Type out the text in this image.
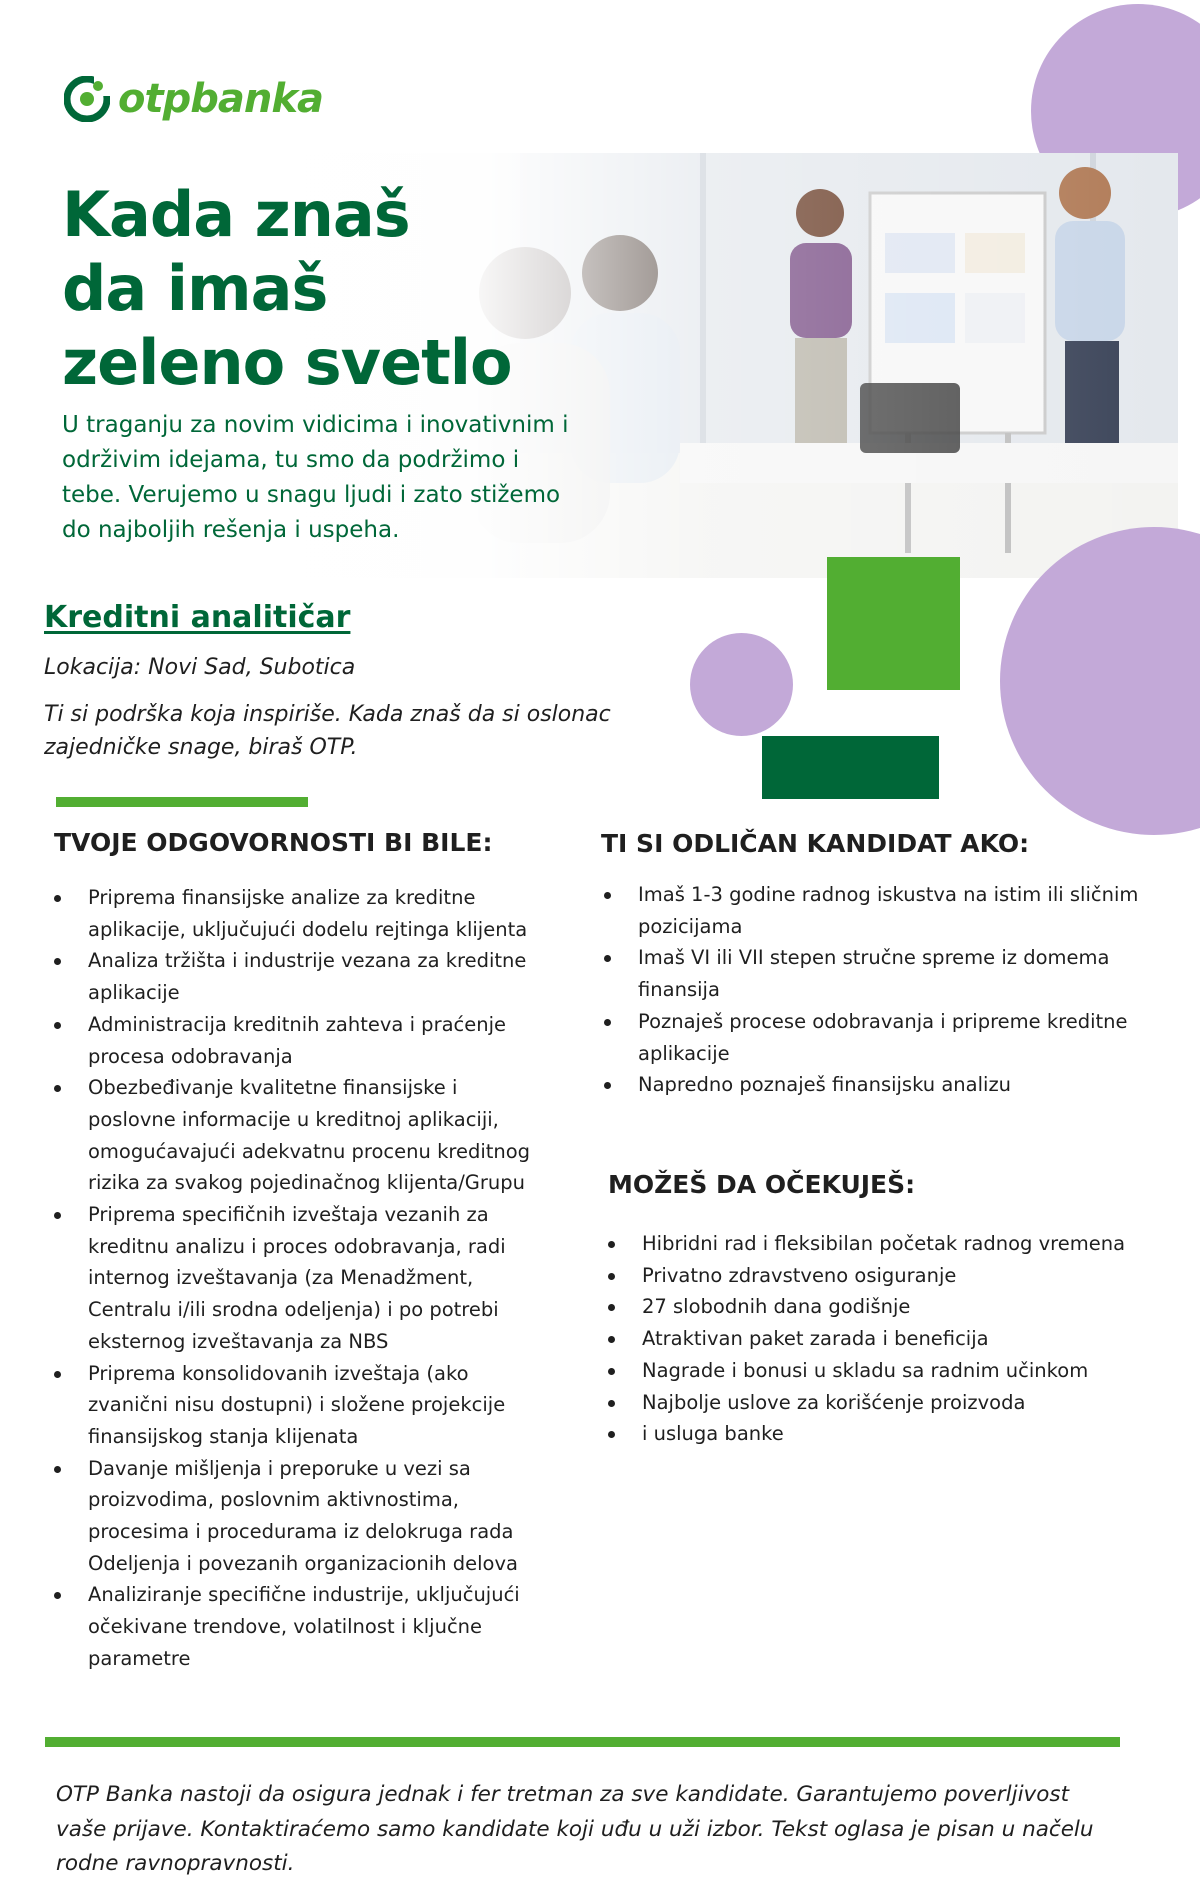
otpbanka
Kada znaš
da imaš
zeleno svetlo
U traganju za novim vidicima i inovativnim i održivim idejama, tu smo da podržimo i tebe. Verujemo u snagu ljudi i zato stižemo do najboljih rešenja i uspeha.
Kreditni analitičar
Lokacija: Novi Sad, Subotica
Ti si podrška koja inspiriše. Kada znaš da si oslonac zajedničke snage, biraš OTP.
TVOJE ODGOVORNOSTI BI BILE:
Priprema finansijske analize za kreditne aplikacije, uključujući dodelu rejtinga klijenta
Analiza tržišta i industrije vezana za kreditne aplikacije
Administracija kreditnih zahteva i praćenje procesa odobravanja
Obezbeđivanje kvalitetne finansijske i poslovne informacije u kreditnoj aplikaciji, omogućavajući adekvatnu procenu kreditnog rizika za svakog pojedinačnog klijenta/Grupu
Priprema specifičnih izveštaja vezanih za kreditnu analizu i proces odobravanja, radi internog izveštavanja (za Menadžment, Centralu i/ili srodna odeljenja) i po potrebi eksternog izveštavanja za NBS
Priprema konsolidovanih izveštaja (ako zvanični nisu dostupni) i složene projekcije finansijskog stanja klijenata
Davanje mišljenja i preporuke u vezi sa proizvodima, poslovnim aktivnostima, procesima i procedurama iz delokruga rada Odeljenja i povezanih organizacionih delova
Analiziranje specifične industrije, uključujući očekivane trendove, volatilnost i ključne parametre
TI SI ODLIČAN KANDIDAT AKO:
Imaš 1-3 godine radnog iskustva na istim ili sličnim pozicijama
Imaš VI ili VII stepen stručne spreme iz domema finansija
Poznaješ procese odobravanja i pripreme kreditne aplikacije
Napredno poznaješ finansijsku analizu
MOŽEŠ DA OČEKUJEŠ:
Hibridni rad i fleksibilan početak radnog vremena
Privatno zdravstveno osiguranje
27 slobodnih dana godišnje
Atraktivan paket zarada i beneficija
Nagrade i bonusi u skladu sa radnim učinkom
Najbolje uslove za korišćenje proizvoda
i usluga banke
OTP Banka nastoji da osigura jednak i fer tretman za sve kandidate. Garantujemo poverljivost vaše prijave. Kontaktiraćemo samo kandidate koji uđu u uži izbor. Tekst oglasa je pisan u načelu rodne ravnopravnosti.
